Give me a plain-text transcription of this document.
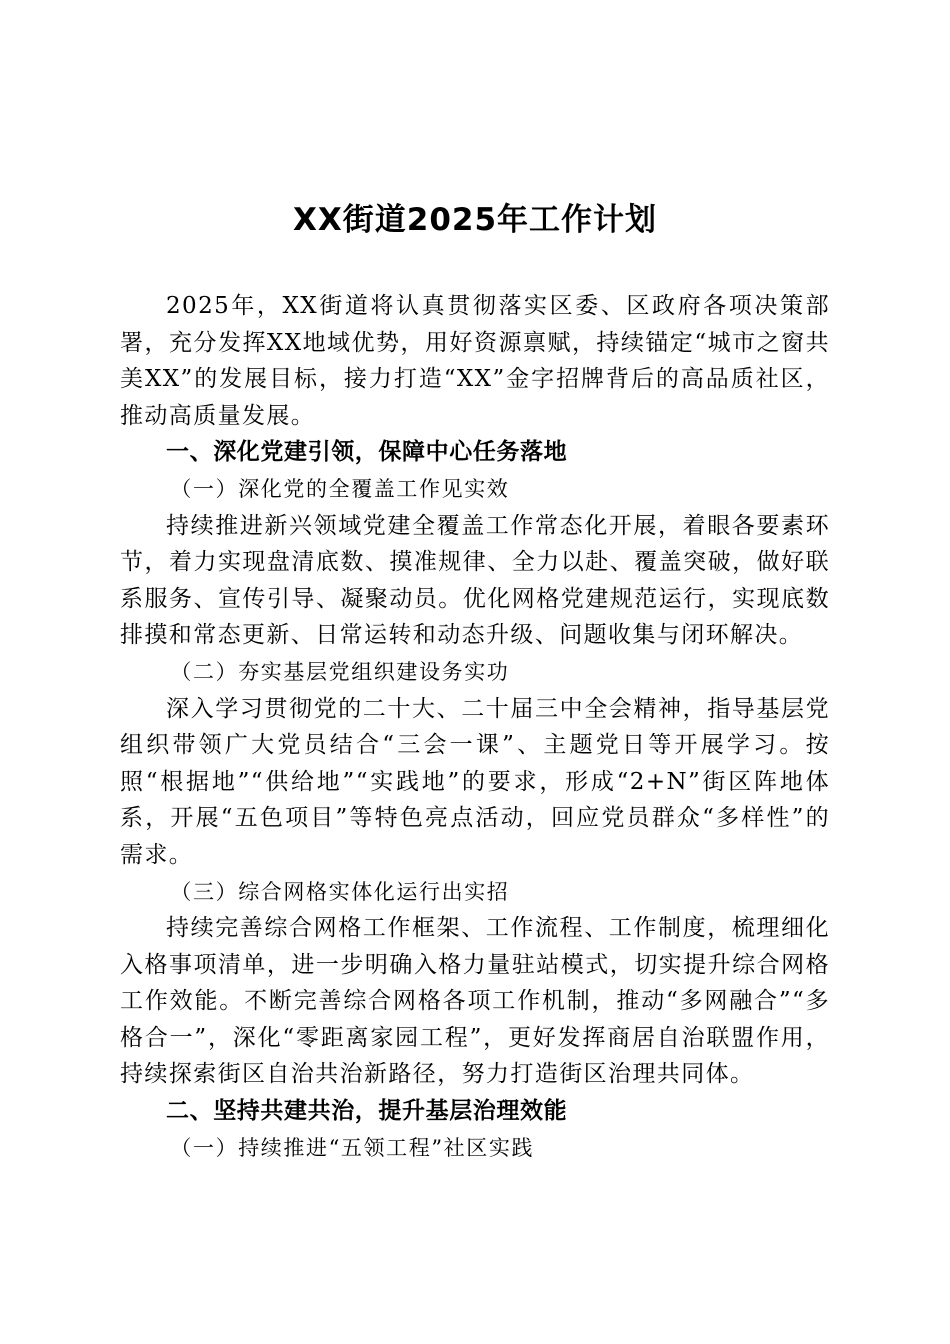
XX街道2025年工作计划

2025年，XX街道将认真贯彻落实区委、区政府各项决策部署，充分发挥XX地域优势，用好资源禀赋，持续锚定“城市之窗共美XX”的发展目标，接力打造“XX”金字招牌背后的高品质社区，推动高质量发展。

一、深化党建引领，保障中心任务落地

（一）深化党的全覆盖工作见实效

持续推进新兴领域党建全覆盖工作常态化开展，着眼各要素环节，着力实现盘清底数、摸准规律、全力以赴、覆盖突破，做好联系服务、宣传引导、凝聚动员。优化网格党建规范运行，实现底数排摸和常态更新、日常运转和动态升级、问题收集与闭环解决。

（二）夯实基层党组织建设务实功

深入学习贯彻党的二十大、二十届三中全会精神，指导基层党组织带领广大党员结合“三会一课”、主题党日等开展学习。按照“根据地”“供给地”“实践地”的要求，形成“2+N”街区阵地体系，开展“五色项目”等特色亮点活动，回应党员群众“多样性”的需求。

（三）综合网格实体化运行出实招

持续完善综合网格工作框架、工作流程、工作制度，梳理细化入格事项清单，进一步明确入格力量驻站模式，切实提升综合网格工作效能。不断完善综合网格各项工作机制，推动“多网融合”“多格合一”，深化“零距离家园工程”，更好发挥商居自治联盟作用，持续探索街区自治共治新路径，努力打造街区治理共同体。

二、坚持共建共治，提升基层治理效能

（一）持续推进“五领工程”社区实践
